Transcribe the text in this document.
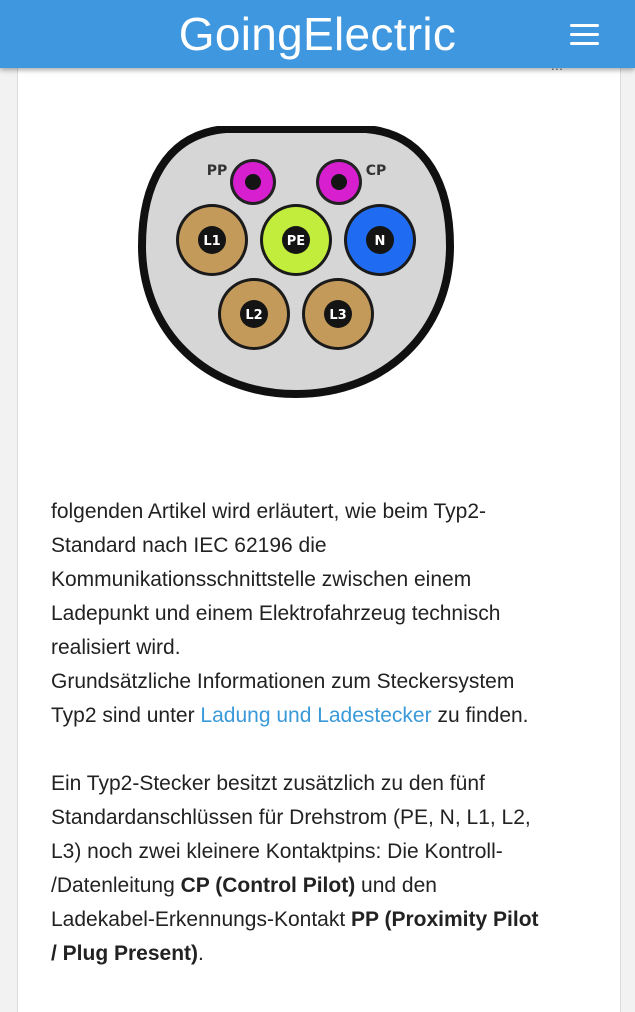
GoingElectric
...
PP	CP
L1	PE	N
L2	L3

folgenden Artikel wird erläutert, wie beim Typ2-
Standard nach IEC 62196 die
Kommunikationsschnittstelle zwischen einem
Ladepunkt und einem Elektrofahrzeug technisch
realisiert wird.
Grundsätzliche Informationen zum Steckersystem
Typ2 sind unter Ladung und Ladestecker zu finden.

Ein Typ2-Stecker besitzt zusätzlich zu den fünf
Standardanschlüssen für Drehstrom (PE, N, L1, L2,
L3) noch zwei kleinere Kontaktpins: Die Kontroll-
/Datenleitung CP (Control Pilot) und den
Ladekabel-Erkennungs-Kontakt PP (Proximity Pilot
/ Plug Present).
